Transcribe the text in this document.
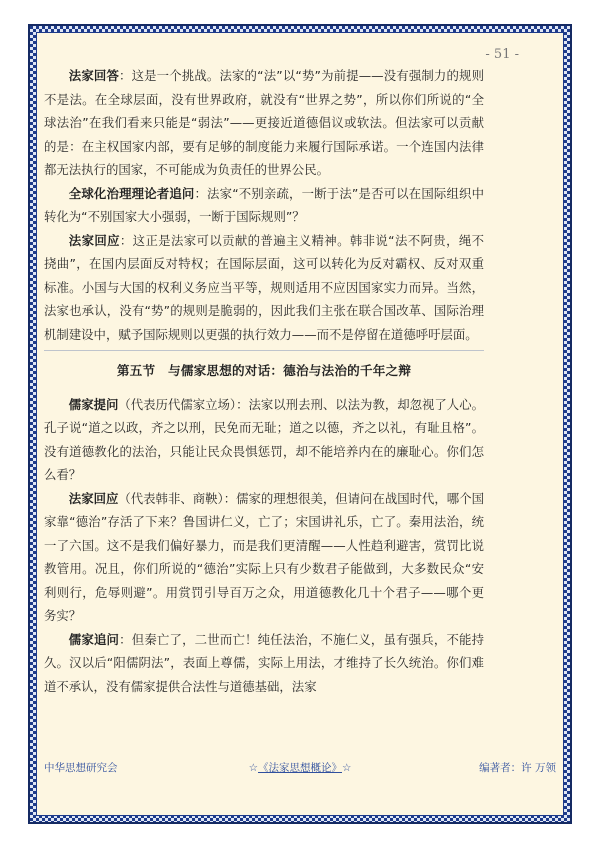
- 51 -

法家回答：这是一个挑战。法家的“法”以“势”为前提——没有强制力的规则不是法。在全球层面，没有世界政府，就没有“世界之势”，所以你们所说的“全球法治”在我们看来只能是“弱法”——更接近道德倡议或软法。但法家可以贡献的是：在主权国家内部，要有足够的制度能力来履行国际承诺。一个连国内法律都无法执行的国家，不可能成为负责任的世界公民。

全球化治理理论者追问：法家“不别亲疏，一断于法”是否可以在国际组织中转化为“不别国家大小强弱，一断于国际规则”？

法家回应：这正是法家可以贡献的普遍主义精神。韩非说“法不阿贵，绳不挠曲”，在国内层面反对特权；在国际层面，这可以转化为反对霸权、反对双重标准。小国与大国的权利义务应当平等，规则适用不应因国家实力而异。当然，法家也承认，没有“势”的规则是脆弱的，因此我们主张在联合国改革、国际治理机制建设中，赋予国际规则以更强的执行效力——而不是停留在道德呼吁层面。

第五节　与儒家思想的对话：德治与法治的千年之辩

儒家提问（代表历代儒家立场）：法家以刑去刑、以法为教，却忽视了人心。孔子说“道之以政，齐之以刑，民免而无耻；道之以德，齐之以礼，有耻且格”。没有道德教化的法治，只能让民众畏惧惩罚，却不能培养内在的廉耻心。你们怎么看？

法家回应（代表韩非、商鞅）：儒家的理想很美，但请问在战国时代，哪个国家靠“德治”存活了下来？鲁国讲仁义，亡了；宋国讲礼乐，亡了。秦用法治，统一了六国。这不是我们偏好暴力，而是我们更清醒——人性趋利避害，赏罚比说教管用。况且，你们所说的“德治”实际上只有少数君子能做到，大多数民众“安利则行，危辱则避”。用赏罚引导百万之众，用道德教化几十个君子——哪个更务实？

儒家追问：但秦亡了，二世而亡！纯任法治，不施仁义，虽有强兵，不能持久。汉以后“阳儒阴法”，表面上尊儒，实际上用法，才维持了长久统治。你们难道不承认，没有儒家提供合法性与道德基础，法家

中华思想研究会	☆《法家思想概论》☆	编著者：许 万领
